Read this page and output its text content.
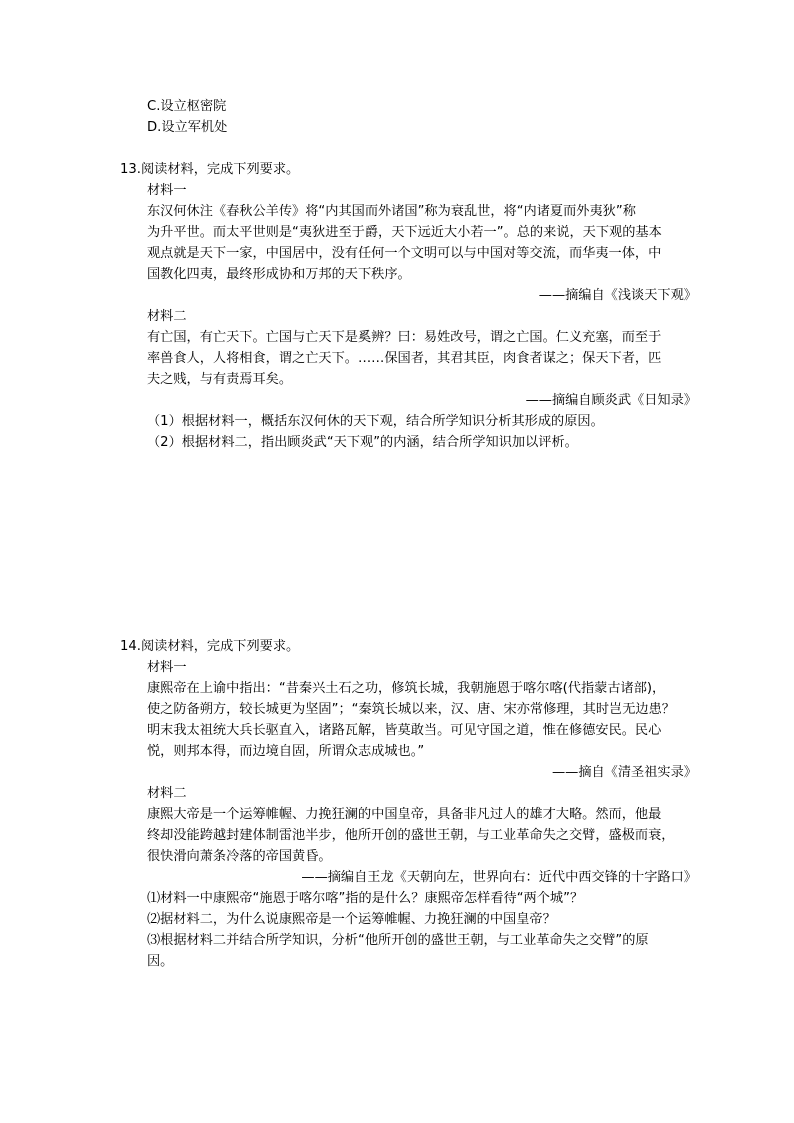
C.设立枢密院
D.设立军机处
13.阅读材料，完成下列要求。
材料一
东汉何休注《春秋公羊传》将“内其国而外诸国”称为衰乱世，将“内诸夏而外夷狄”称
为升平世。而太平世则是“夷狄进至于爵，天下远近大小若一”。总的来说，天下观的基本
观点就是天下一家，中国居中，没有任何一个文明可以与中国对等交流，而华夷一体，中
国教化四夷，最终形成协和万邦的天下秩序。
——摘编自《浅谈天下观》
材料二
有亡国，有亡天下。亡国与亡天下是奚辨？曰：易姓改号，谓之亡国。仁义充塞，而至于
率兽食人，人将相食，谓之亡天下。……保国者，其君其臣，肉食者谋之；保天下者，匹
夫之贱，与有责焉耳矣。
——摘编自顾炎武《日知录》
（1）根据材料一，概括东汉何休的天下观，结合所学知识分析其形成的原因。
（2）根据材料二，指出顾炎武“天下观”的内涵，结合所学知识加以评析。
14.阅读材料，完成下列要求。
材料一
康熙帝在上谕中指出：“昔秦兴土石之功，修筑长城，我朝施恩于喀尔喀(代指蒙古诸部)，
使之防备朔方，较长城更为坚固”；“秦筑长城以来，汉、唐、宋亦常修理，其时岂无边患？
明末我太祖统大兵长驱直入，诸路瓦解，皆莫敢当。可见守国之道，惟在修德安民。民心
悦，则邦本得，而边境自固，所谓众志成城也。”
——摘自《清圣祖实录》
材料二
康熙大帝是一个运筹帷幄、力挽狂澜的中国皇帝，具备非凡过人的雄才大略。然而，他最
终却没能跨越封建体制雷池半步，他所开创的盛世王朝，与工业革命失之交臂，盛极而衰，
很快滑向萧条冷落的帝国黄昏。
——摘编自王龙《天朝向左，世界向右：近代中西交锋的十字路口》
⑴材料一中康熙帝“施恩于喀尔喀”指的是什么？康熙帝怎样看待“两个城”？
⑵据材料二，为什么说康熙帝是一个运筹帷幄、力挽狂澜的中国皇帝？
⑶根据材料二并结合所学知识，分析“他所开创的盛世王朝，与工业革命失之交臂”的原
因。
